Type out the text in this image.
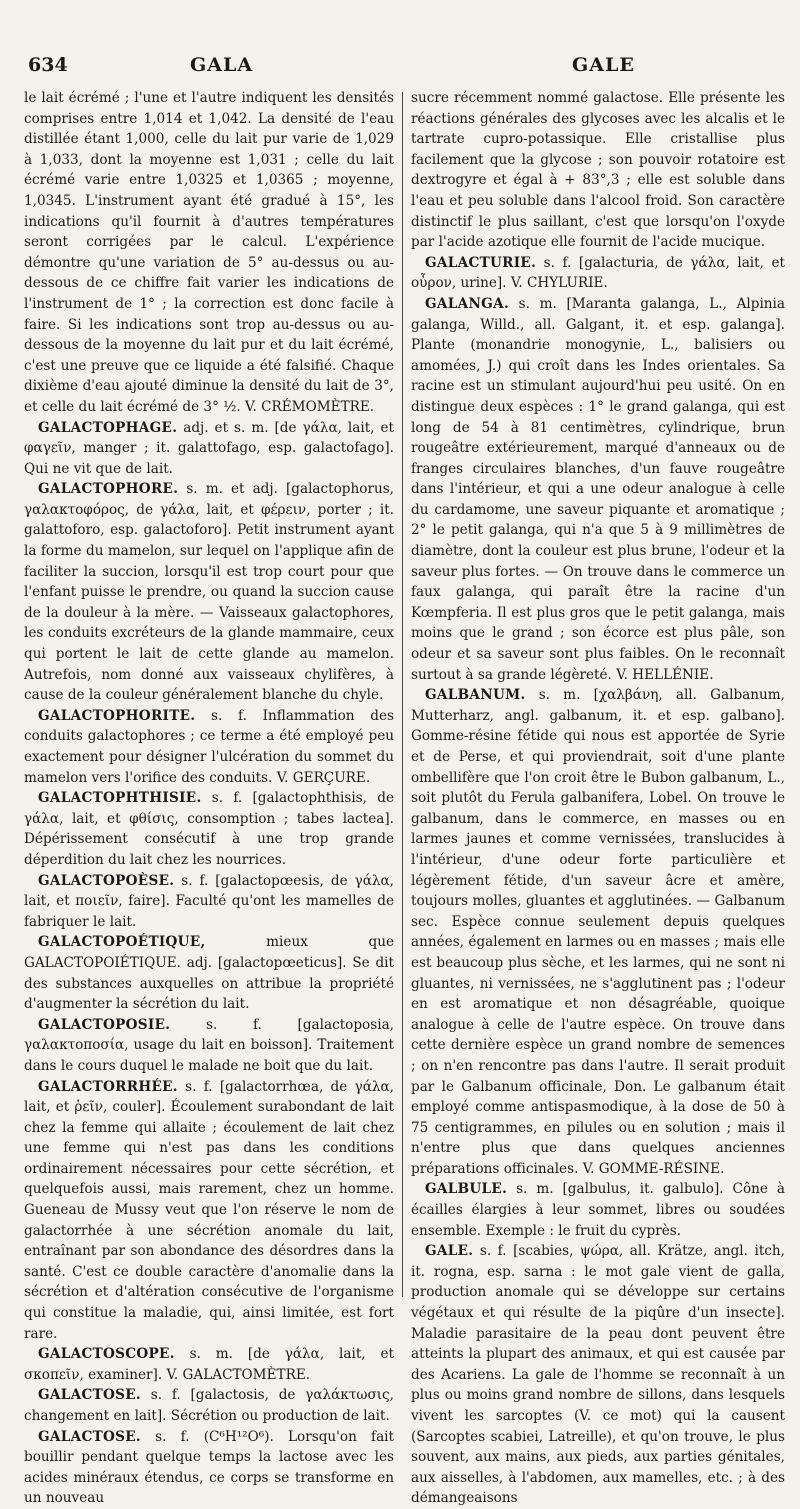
634	GALA	GALE

le lait écrémé ; l'une et l'autre indiquent les densités comprises entre 1,014 et 1,042. La densité de l'eau distillée étant 1,000, celle du lait pur varie de 1,029 à 1,033, dont la moyenne est 1,031 ; celle du lait écrémé varie entre 1,0325 et 1,0365 ; moyenne, 1,0345. L'instrument ayant été gradué à 15°, les indications qu'il fournit à d'autres températures seront corrigées par le calcul. L'expérience démontre qu'une variation de 5° au-dessus ou au-dessous de ce chiffre fait varier les indications de l'instrument de 1° ; la correction est donc facile à faire. Si les indications sont trop au-dessus ou au-dessous de la moyenne du lait pur et du lait écrémé, c'est une preuve que ce liquide a été falsifié. Chaque dixième d'eau ajouté diminue la densité du lait de 3°, et celle du lait écrémé de 3° ½. V. CRÉMOMÈTRE.

GALACTOPHAGE. adj. et s. m. [de γάλα, lait, et φαγεῖν, manger ; it. galattofago, esp. galactofago]. Qui ne vit que de lait.

GALACTOPHORE. s. m. et adj. [galactophorus, γαλακτοφόρος, de γάλα, lait, et φέρειν, porter ; it. galattoforo, esp. galactoforo]. Petit instrument ayant la forme du mamelon, sur lequel on l'applique afin de faciliter la succion, lorsqu'il est trop court pour que l'enfant puisse le prendre, ou quand la succion cause de la douleur à la mère. — Vaisseaux galactophores, les conduits excréteurs de la glande mammaire, ceux qui portent le lait de cette glande au mamelon. Autrefois, nom donné aux vaisseaux chylifères, à cause de la couleur généralement blanche du chyle.

GALACTOPHORITE. s. f. Inflammation des conduits galactophores ; ce terme a été employé peu exactement pour désigner l'ulcération du sommet du mamelon vers l'orifice des conduits. V. GERÇURE.

GALACTOPHTHISIE. s. f. [galactophthisis, de γάλα, lait, et φθίσις, consomption ; tabes lactea]. Dépérissement consécutif à une trop grande déperdition du lait chez les nourrices.

GALACTOPOÈSE. s. f. [galactopœesis, de γάλα, lait, et ποιεῖν, faire]. Faculté qu'ont les mamelles de fabriquer le lait.

GALACTOPOÉTIQUE, mieux que GALACTOPOIÉTIQUE. adj. [galactopœeticus]. Se dit des substances auxquelles on attribue la propriété d'augmenter la sécrétion du lait.

GALACTOPOSIE. s. f. [galactoposia, γαλακτοποσία, usage du lait en boisson]. Traitement dans le cours duquel le malade ne boit que du lait.

GALACTORRHÉE. s. f. [galactorrhœa, de γάλα, lait, et ῥεῖν, couler]. Écoulement surabondant de lait chez la femme qui allaite ; écoulement de lait chez une femme qui n'est pas dans les conditions ordinairement nécessaires pour cette sécrétion, et quelquefois aussi, mais rarement, chez un homme. Gueneau de Mussy veut que l'on réserve le nom de galactorrhée à une sécrétion anomale du lait, entraînant par son abondance des désordres dans la santé. C'est ce double caractère d'anomalie dans la sécrétion et d'altération consécutive de l'organisme qui constitue la maladie, qui, ainsi limitée, est fort rare.

GALACTOSCOPE. s. m. [de γάλα, lait, et σκοπεῖν, examiner]. V. GALACTOMÈTRE.

GALACTOSE. s. f. [galactosis, de γαλάκτωσις, changement en lait]. Sécrétion ou production de lait.

GALACTOSE. s. f. (C⁶H¹²O⁶). Lorsqu'on fait bouillir pendant quelque temps la lactose avec les acides minéraux étendus, ce corps se transforme en un nouveau

sucre récemment nommé galactose. Elle présente les réactions générales des glycoses avec les alcalis et le tartrate cupro-potassique. Elle cristallise plus facilement que la glycose ; son pouvoir rotatoire est dextrogyre et égal à + 83°,3 ; elle est soluble dans l'eau et peu soluble dans l'alcool froid. Son caractère distinctif le plus saillant, c'est que lorsqu'on l'oxyde par l'acide azotique elle fournit de l'acide mucique.

GALACTURIE. s. f. [galacturia, de γάλα, lait, et οὖρον, urine]. V. CHYLURIE.

GALANGA. s. m. [Maranta galanga, L., Alpinia galanga, Willd., all. Galgant, it. et esp. galanga]. Plante (monandrie monogynie, L., balisiers ou amomées, J.) qui croît dans les Indes orientales. Sa racine est un stimulant aujourd'hui peu usité. On en distingue deux espèces : 1° le grand galanga, qui est long de 54 à 81 centimètres, cylindrique, brun rougeâtre extérieurement, marqué d'anneaux ou de franges circulaires blanches, d'un fauve rougeâtre dans l'intérieur, et qui a une odeur analogue à celle du cardamome, une saveur piquante et aromatique ; 2° le petit galanga, qui n'a que 5 à 9 millimètres de diamètre, dont la couleur est plus brune, l'odeur et la saveur plus fortes. — On trouve dans le commerce un faux galanga, qui paraît être la racine d'un Kœmpferia. Il est plus gros que le petit galanga, mais moins que le grand ; son écorce est plus pâle, son odeur et sa saveur sont plus faibles. On le reconnaît surtout à sa grande légèreté. V. HELLÉNIE.

GALBANUM. s. m. [χαλβάνη, all. Galbanum, Mutterharz, angl. galbanum, it. et esp. galbano]. Gomme-résine fétide qui nous est apportée de Syrie et de Perse, et qui proviendrait, soit d'une plante ombellifère que l'on croit être le Bubon galbanum, L., soit plutôt du Ferula galbanifera, Lobel. On trouve le galbanum, dans le commerce, en masses ou en larmes jaunes et comme vernissées, translucides à l'intérieur, d'une odeur forte particulière et légèrement fétide, d'un saveur âcre et amère, toujours molles, gluantes et agglutinées. — Galbanum sec. Espèce connue seulement depuis quelques années, également en larmes ou en masses ; mais elle est beaucoup plus sèche, et les larmes, qui ne sont ni gluantes, ni vernissées, ne s'agglutinent pas ; l'odeur en est aromatique et non désagréable, quoique analogue à celle de l'autre espèce. On trouve dans cette dernière espèce un grand nombre de semences ; on n'en rencontre pas dans l'autre. Il serait produit par le Galbanum officinale, Don. Le galbanum était employé comme antispasmodique, à la dose de 50 à 75 centigrammes, en pilules ou en solution ; mais il n'entre plus que dans quelques anciennes préparations officinales. V. GOMME-RÉSINE.

GALBULE. s. m. [galbulus, it. galbulo]. Cône à écailles élargies à leur sommet, libres ou soudées ensemble. Exemple : le fruit du cyprès.

GALE. s. f. [scabies, ψώρα, all. Krätze, angl. itch, it. rogna, esp. sarna : le mot gale vient de galla, production anomale qui se développe sur certains végétaux et qui résulte de la piqûre d'un insecte]. Maladie parasitaire de la peau dont peuvent être atteints la plupart des animaux, et qui est causée par des Acariens. La gale de l'homme se reconnaît à un plus ou moins grand nombre de sillons, dans lesquels vivent les sarcoptes (V. ce mot) qui la causent (Sarcoptes scabiei, Latreille), et qu'on trouve, le plus souvent, aux mains, aux pieds, aux parties génitales, aux aisselles, à l'abdomen, aux mamelles, etc. ; à des démangeaisons
